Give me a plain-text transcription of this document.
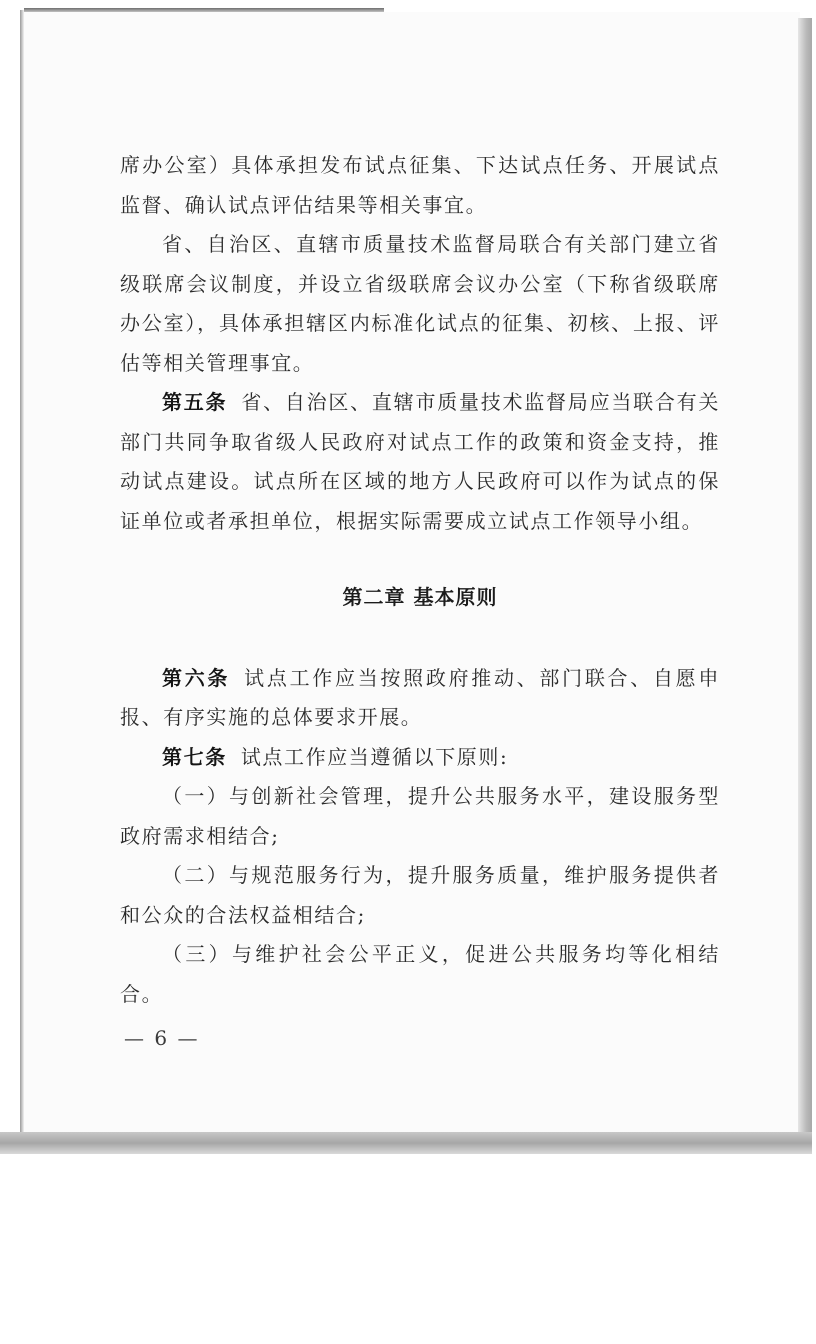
席办公室）具体承担发布试点征集、下达试点任务、开展试点监督、确认试点评估结果等相关事宜。

省、自治区、直辖市质量技术监督局联合有关部门建立省级联席会议制度，并设立省级联席会议办公室（下称省级联席办公室），具体承担辖区内标准化试点的征集、初核、上报、评估等相关管理事宜。

第五条 省、自治区、直辖市质量技术监督局应当联合有关部门共同争取省级人民政府对试点工作的政策和资金支持，推动试点建设。试点所在区域的地方人民政府可以作为试点的保证单位或者承担单位，根据实际需要成立试点工作领导小组。

第二章 基本原则

第六条 试点工作应当按照政府推动、部门联合、自愿申报、有序实施的总体要求开展。

第七条 试点工作应当遵循以下原则:

（一）与创新社会管理，提升公共服务水平，建设服务型政府需求相结合;

（二）与规范服务行为，提升服务质量，维护服务提供者和公众的合法权益相结合;

（三）与维护社会公平正义，促进公共服务均等化相结合。

— 6 —
